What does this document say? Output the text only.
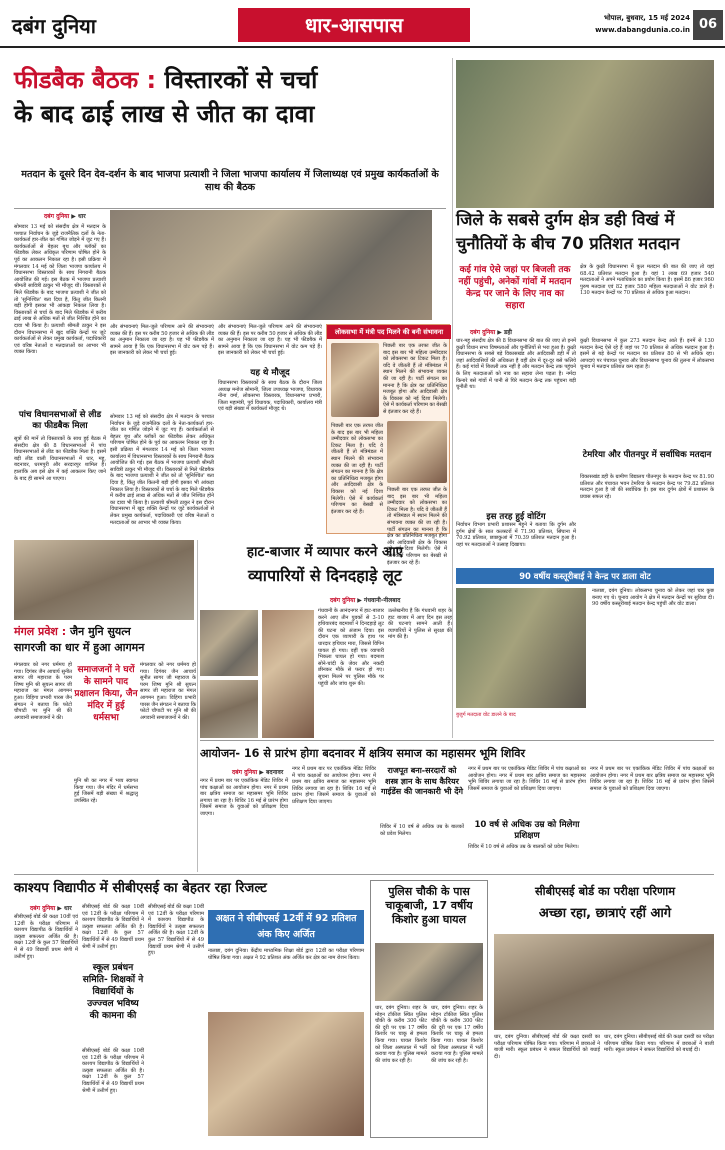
दबंग दुनिया	धार-आसपास	भोपाल, बुधवार, 15 मई 2024
www.dabangdunia.co.in 06
फीडबैक बैठक : विस्तारकों से चर्चा
के बाद ढाई लाख से जीत का दावा
मतदान के दूसरे दिन देव-दर्शन के बाद भाजपा प्रत्याशी ने जिला भाजपा कार्यालय में जिलाध्यक्ष एवं प्रमुख कार्यकर्ताओं के साथ की बैठक
दबंग दुनिया ▶ धार
सोमवार 13 मई को संसदीय क्षेत्र में मतदान के पश्चात निर्वाचन के जुड़े राजनैतिक दलों के नेता-कार्यकर्ता हार-जीत का गणित जोड़ने में जुट गए हैं। कार्यकर्ताओं से बेहतर बूथ और ब्लॉकों का फीडबैक लेकर अधिकृत परिणाम घोषित होने के पूर्व का आकलन निकाल रहा है। इसी प्रक्रिया में मंगलवार 14 मई को जिला भाजपा कार्यालय में विधानसभा विस्तारकों के साथ निगरानी बैठक आयोजित की गई। इस बैठक में भाजपा प्रत्याशी श्रीमती सावित्री ठाकुर भी मौजूद थीं। विस्तारकों से मिले फीडबैक के बाद भाजपा प्रत्याशी ने जीत को तो 'सुनिश्चित' बता दिया है, किंतु जीत कितनी बड़ी होगी इसका भी आंकड़ा निकाल लिया है। विस्तारकों से चर्चा के बाद मिले फीडबैक में करीब ढाई लाख से अधिक मतों से जीत निश्चित होने का दावा भी किया है। प्रत्याशी श्रीमती ठाकुर ने इस दौरान विधानसभा में खुद शक्ति केन्द्रों पर जुटे कार्यकर्ताओं से लेकर प्रमुख कार्यकर्ता, पदाधिकारी एवं वरिष्ठ नेताओं व मतदाताओं का आभार भी व्यक्त किया।
पांच विधानसभाओं से लीड का फीडबैक मिला
सूत्रों की मानें तो विस्तारकों के साथ हुई बैठक में संसदीय क्षेत्र की 8 विधानसभाओं में पांच विधानसभाओं से लीड का फीडबैक मिला है। इसमें बड़ी लीड वाली विधानसभाओं में धार, महू, बदनावर, धरमपुरी और सरदारपुर शामिल है। हालांकि अब इसे क्षेत्र में कई आकलन किए जाने के बाद ही सामने आ पाएगा।
और संभावनाएं मिल-जुले परिणाम आने की संभावनाएं व्यक्त की हैं। इस पर करीब 50 हजार से अधिक की लीड का अनुमान निकाला जा रहा है। यह भी फीडबैक में सामने आया है कि एक विधानसभा में वोट कम पड़े हैं। इस जानकारी को लेकर भी चर्चा हुई।
सोमवार 13 मई को संसदीय क्षेत्र में मतदान के पश्चात निर्वाचन के जुड़े राजनैतिक दलों के नेता-कार्यकर्ता हार-जीत का गणित जोड़ने में जुट गए हैं। कार्यकर्ताओं से बेहतर बूथ और ब्लॉकों का फीडबैक लेकर अधिकृत परिणाम घोषित होने के पूर्व का आकलन निकाल रहा है। इसी प्रक्रिया में मंगलवार 14 मई को जिला भाजपा कार्यालय में विधानसभा विस्तारकों के साथ निगरानी बैठक आयोजित की गई। इस बैठक में भाजपा प्रत्याशी श्रीमती सावित्री ठाकुर भी मौजूद थीं। विस्तारकों से मिले फीडबैक के बाद भाजपा प्रत्याशी ने जीत को तो 'सुनिश्चित' बता दिया है, किंतु जीत कितनी बड़ी होगी इसका भी आंकड़ा निकाल लिया है। विस्तारकों से चर्चा के बाद मिले फीडबैक में करीब ढाई लाख से अधिक मतों से जीत निश्चित होने का दावा भी किया है। प्रत्याशी श्रीमती ठाकुर ने इस दौरान विधानसभा में खुद शक्ति केन्द्रों पर जुटे कार्यकर्ताओं से लेकर प्रमुख कार्यकर्ता, पदाधिकारी एवं वरिष्ठ नेताओं व मतदाताओं का आभार भी व्यक्त किया।
और संभावनाएं मिल-जुले परिणाम आने की संभावनाएं व्यक्त की हैं। इस पर करीब 50 हजार से अधिक की लीड का अनुमान निकाला जा रहा है। यह भी फीडबैक में सामने आया है कि एक विधानसभा में वोट कम पड़े हैं। इस जानकारी को लेकर भी चर्चा हुई।
यह थे मौजूद
विधानसभा विस्तारकों के साथ बैठक के दौरान जिला अध्यक्ष मनोज सोमानी, जिला उपाध्यक्ष भाजपा, विधायक नीना वर्मा, लोकसभा विस्तारक, विधानसभा प्रभारी, जिला महामंत्री, पूर्व विधायक, पदाधिकारी, कार्यालय मंत्री एवं बड़ी संख्या में कार्यकर्ता मौजूद थे।
लोकसभा में मंत्री पद मिलने की बनी संभावना
पिछली बार एक तरफा जीत के बाद इस बार भी महिला उम्मीदवार को लोकसभा का टिकट मिला है। यदि वे जीतती हैं तो मंत्रिमंडल में स्थान मिलने की संभावना व्यक्त की जा रही है। पार्टी संगठन का मानना है कि क्षेत्र का प्रतिनिधित्व मजबूत होगा और आदिवासी क्षेत्र के विकास को नई दिशा मिलेगी। ऐसे में कार्यकर्ता परिणाम का बेसब्री से इंतजार कर रहे हैं।
पिछली बार एक तरफा जीत के बाद इस बार भी महिला उम्मीदवार को लोकसभा का टिकट मिला है। यदि वे जीतती हैं तो मंत्रिमंडल में स्थान मिलने की संभावना व्यक्त की जा रही है। पार्टी संगठन का मानना है कि क्षेत्र का प्रतिनिधित्व मजबूत होगा और आदिवासी क्षेत्र के विकास को नई दिशा मिलेगी। ऐसे में कार्यकर्ता परिणाम का बेसब्री से इंतजार कर रहे हैं।
पिछली बार एक तरफा जीत के बाद इस बार भी महिला उम्मीदवार को लोकसभा का टिकट मिला है। यदि वे जीतती हैं तो मंत्रिमंडल में स्थान मिलने की संभावना व्यक्त की जा रही है। पार्टी संगठन का मानना है कि क्षेत्र का प्रतिनिधित्व मजबूत होगा और आदिवासी क्षेत्र के विकास को नई दिशा मिलेगी। ऐसे में कार्यकर्ता परिणाम का बेसब्री से इंतजार कर रहे हैं।
जिले के सबसे दुर्गम क्षेत्र डही विखं में
चुनौतियों के बीच 70 प्रतिशत मतदान
कई गांव ऐसे जहां पर बिजली तक नहीं पहुंची, अनेकों गांवों में मतदान केन्द्र पर जाने के लिए नाव का सहारा
दबंग दुनिया ▶ डही
धार-महू संसदीय क्षेत्र की 8 विधानसभा की बात की जाए तो इनमें कुक्षी विधान सभा विषमताओं और चुनौतियों से भरा हुआ है। कुक्षी विधानसभा के सबसे बड़े विकासखंड और आदिवासी डही में तो जहां आदिवासियों की अधिकता है वहीं क्षेत्र में दूर-दूर बसे फलिये हैं। कई गांवों में बिजली तक नहीं है और मतदान केन्द्र तक पहुंचने के लिए मतदाताओं को नाव का सहारा लेना पड़ता है। नर्मदा किनारे बसे गांवों में पानी से घिरे मतदान केन्द्र तक पहुंचना बड़ी चुनौती था।
इस तरह हुई वोटिंग
निर्वाचन विभाग प्रभारी प्रशासन मेहूने ने बताया कि दुर्गम और दुर्गम क्षेत्रों के सात कलस्टरों में 71.90 प्रतिशत, सिंघाना में 70.92 प्रतिशत, छाछकुआं में 70.39 प्रतिशत मतदान हुआ है। यहां पर मतदाताओं ने उत्साह दिखाया।
क्षेत्र के कुक्षी विधानसभा में कुल मतदान की बात की जाए तो यहां 68.42 प्रतिशत मतदान हुआ है। यहां 1 लाख 69 हजार 540 मतदाताओं ने अपने मताधिकार का प्रयोग किया है। इसमें 86 हजार 960 पुरुष मतदाता एवं 82 हजार 580 महिला मतदाताओं ने वोट डाले हैं। 130 मतदान केन्द्रों पर 70 प्रतिशत से अधिक हुआ मतदान।
कुक्षी विधानसभा में कुल 273 मतदान केन्द्र आते हैं। इनमें से 130 मतदान केन्द्र ऐसे रहे हैं जहां पर 70 प्रतिशत से अधिक मतदान हुआ है। इसमें से बड़े केन्द्रों पर मतदान का प्रतिशत 80 से भी अधिक रहा। आपदाएं पर पंचायत चुनाव और विधानसभा चुनाव की तुलना में लोकसभा चुनाव में मतदान प्रतिशत कम रहता है।
टेमरिया और पीतनपुर में सर्वाधिक मतदान
विकासखंड डही के ग्रामीण विद्यालय पीतनपुर के मतदान केन्द्र पर 81.90 प्रतिशत और पंचायत भवन टेमरिया के मतदान केन्द्र पर 79.82 प्रतिशत मतदान हुआ है जो की सर्वाधिक है। इस बार दुर्गम क्षेत्रों में प्रशासन के प्रयास सफल रहे।
मंगल प्रवेश : जैन मुनि सुयत्न
सागरजी का धार में हुआ आगमन
मंगलवार को नगर धर्ममय हो गया। दिगंबर जैन आचार्य सुनीत सागर जी महाराज के परम शिष्य मुनि श्री सुयत्न सागर जी महाराज का मंगल आगमन हुआ। विहिगा प्रभारी पारस जैन संगठन ने बताया कि फोटो चौपाटी पर मुनि श्री की अगवानी समाजजनों ने की।
समाजजनों ने घरों के सामने पाद प्रक्षालन किया, जैन मंदिर में हुई धर्मसभा
मुनि श्री का नगर में भव्य स्वागत किया गया। जैन मंदिर में धर्मसभा हुई जिसमें बड़ी संख्या में श्रद्धालु उपस्थित रहे।
मंगलवार को नगर धर्ममय हो गया। दिगंबर जैन आचार्य सुनीत सागर जी महाराज के परम शिष्य मुनि श्री सुयत्न सागर जी महाराज का मंगल आगमन हुआ। विहिगा प्रभारी पारस जैन संगठन ने बताया कि फोटो चौपाटी पर मुनि श्री की अगवानी समाजजनों ने की।
हाट-बाजार में व्यापार करने आए
व्यापारियों से दिनदहाड़े लूट
दबंग दुनिया ▶ गंधवानी-नीलबाद
गंधवानी के आनंदनगर में हाट-बाजार करने आए तीन युवकों से 3-10 हथियारबंद बदमाशों ने दिनदहाड़े लूट की घटना को अंजाम दिया। इस दौरान एक व्यापारी के हाथ पर धारदार हथियार मारा, जिससे विपिन घायल हो गया। वहीं एक व्यापारी भिकला घायल हो गया। बदमाश सोने-चांदी के जेवर और नकदी छीनकर मौके से फरार हो गए। सूचना मिलने पर पुलिस मौके पर पहुंची और जांच शुरू की।
उल्लेखनीय है कि गंधवानी शहर के हाट बाजार में आए दिन इस तरह की घटनाएं सामने आती हैं। व्यापारियों ने पुलिस से सुरक्षा की मांग की है।
90 वर्षीय कस्तूरीबाई ने केन्द्र पर डाला वोट
नालछा, दबंग दुनिया। लोकसभा चुनाव को लेकर जहां चार कुछ बनाए गए थे। चुनाव आयोग ने क्षेत्र में मतदान केन्द्रों पर सुविधा दी। 90 वर्षीय कस्तूरीबाई मतदान केन्द्र पहुंचीं और वोट डाला।
बुजुर्ग मतदाता वोट डालने के बाद
आयोजन- 16 से प्रारंभ होगा बदनावर में क्षत्रिय समाज का महासमर भूमि शिविर
दबंग दुनिया ▶ बदनावर
नगर में प्रथम बार पर एकांकिक मेडिट शिविर में पांच कक्षाओं का आयोजन होगा। नगर में प्रथम बार क्षत्रिय समाज का महासमर भूमि शिविर लगाया जा रहा है। शिविर 16 मई से प्रारंभ होगा जिसमें समाज के युवाओं को प्रशिक्षण दिया जाएगा।
नगर में प्रथम बार पर एकांकिक मेडिट शिविर में पांच कक्षाओं का आयोजन होगा। नगर में प्रथम बार क्षत्रिय समाज का महासमर भूमि शिविर लगाया जा रहा है। शिविर 16 मई से प्रारंभ होगा जिसमें समाज के युवाओं को प्रशिक्षण दिया जाएगा।
राजपूत बना-सरदारों को शस्त्र ज्ञान के साथ कैरियर गाईडेंस की जानकारी भी देंगे
शिविर में 10 वर्ष से अधिक उम्र के बालकों को प्रवेश मिलेगा।
नगर में प्रथम बार पर एकांकिक मेडिट शिविर में पांच कक्षाओं का आयोजन होगा। नगर में प्रथम बार क्षत्रिय समाज का महासमर भूमि शिविर लगाया जा रहा है। शिविर 16 मई से प्रारंभ होगा जिसमें समाज के युवाओं को प्रशिक्षण दिया जाएगा।
10 वर्ष से अधिक उम्र को मिलेगा प्रशिक्षण
शिविर में 10 वर्ष से अधिक उम्र के बालकों को प्रवेश मिलेगा।
नगर में प्रथम बार पर एकांकिक मेडिट शिविर में पांच कक्षाओं का आयोजन होगा। नगर में प्रथम बार क्षत्रिय समाज का महासमर भूमि शिविर लगाया जा रहा है। शिविर 16 मई से प्रारंभ होगा जिसमें समाज के युवाओं को प्रशिक्षण दिया जाएगा।
काश्यप विद्यापीठ में सीबीएसई का बेहतर रहा रिजल्ट
दबंग दुनिया ▶ धार
सीबीएसई बोर्ड की कक्षा 10वीं एवं 12वीं के परीक्षा परिणाम में काश्यप विद्यापीठ के विद्यार्थियों ने उत्कृष्ट सफलता अर्जित की है। कक्षा 12वीं के कुल 57 विद्यार्थियों में से 49 विद्यार्थी प्रथम श्रेणी में उत्तीर्ण हुए।
सीबीएसई बोर्ड की कक्षा 10वीं एवं 12वीं के परीक्षा परिणाम में काश्यप विद्यापीठ के विद्यार्थियों ने उत्कृष्ट सफलता अर्जित की है। कक्षा 12वीं के कुल 57 विद्यार्थियों में से 49 विद्यार्थी प्रथम श्रेणी में उत्तीर्ण हुए।
स्कूल प्रबंधन समिति- शिक्षकों ने विद्यार्थियों के उज्ज्वल भविष्य की कामना की
सीबीएसई बोर्ड की कक्षा 10वीं एवं 12वीं के परीक्षा परिणाम में काश्यप विद्यापीठ के विद्यार्थियों ने उत्कृष्ट सफलता अर्जित की है। कक्षा 12वीं के कुल 57 विद्यार्थियों में से 49 विद्यार्थी प्रथम श्रेणी में उत्तीर्ण हुए।
सीबीएसई बोर्ड की कक्षा 10वीं एवं 12वीं के परीक्षा परिणाम में काश्यप विद्यापीठ के विद्यार्थियों ने उत्कृष्ट सफलता अर्जित की है। कक्षा 12वीं के कुल 57 विद्यार्थियों में से 49 विद्यार्थी प्रथम श्रेणी में उत्तीर्ण हुए।
अक्षत ने सीबीएसई 12वीं में 92 प्रतिशत अंक किए अर्जित
नालछा, दबंग दुनिया। केंद्रीय माध्यमिक शिक्षा बोर्ड द्वारा 12वीं का परीक्षा परिणाम घोषित किया गया। अक्षत ने 92 प्रतिशत अंक अर्जित कर क्षेत्र का नाम रोशन किया।
पुलिस चौकी के पास चाकूबाजी, 17 वर्षीय किशोर हुआ घायल
धार, दबंग दुनिया। शहर के मोहन टॉकीज स्थित पुलिस चौकी के करीब 300 फीट की दूरी पर एक 17 वर्षीय किशोर पर चाकू से हमला किया गया। घायल किशोर को जिला अस्पताल में भर्ती कराया गया है। पुलिस मामले की जांच कर रही है।
धार, दबंग दुनिया। शहर के मोहन टॉकीज स्थित पुलिस चौकी के करीब 300 फीट की दूरी पर एक 17 वर्षीय किशोर पर चाकू से हमला किया गया। घायल किशोर को जिला अस्पताल में भर्ती कराया गया है। पुलिस मामले की जांच कर रही है।
सीबीएसई बोर्ड का परीक्षा परिणाम
अच्छा रहा, छात्राएं रहीं आगे
धार, दबंग दुनिया। सीबीएसई बोर्ड की कक्षा दसवीं का परीक्षा परिणाम घोषित किया गया। परिणाम में छात्राओं ने बाजी मारी। स्कूल प्रबंधन ने सफल विद्यार्थियों को बधाई दी।
धार, दबंग दुनिया। सीबीएसई बोर्ड की कक्षा दसवीं का परीक्षा परिणाम घोषित किया गया। परिणाम में छात्राओं ने बाजी मारी। स्कूल प्रबंधन ने सफल विद्यार्थियों को बधाई दी।
